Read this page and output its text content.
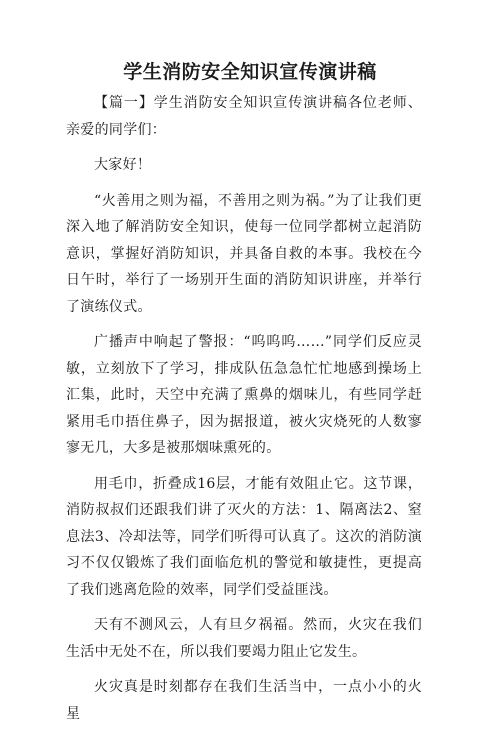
学生消防安全知识宣传演讲稿

【篇一】学生消防安全知识宣传演讲稿各位老师、亲爱的同学们：

大家好！

“火善用之则为福，不善用之则为祸。”为了让我们更深入地了解消防安全知识，使每一位同学都树立起消防意识，掌握好消防知识，并具备自救的本事。我校在今日午时，举行了一场别开生面的消防知识讲座，并举行了演练仪式。

广播声中响起了警报：“呜呜呜……”同学们反应灵敏，立刻放下了学习，排成队伍急急忙忙地感到操场上汇集，此时，天空中充满了熏鼻的烟味儿，有些同学赶紧用毛巾捂住鼻子，因为据报道，被火灾烧死的人数寥寥无几，大多是被那烟味熏死的。

用毛巾，折叠成16层，才能有效阻止它。这节课，消防叔叔们还跟我们讲了灭火的方法：1、隔离法2、窒息法3、冷却法等，同学们听得可认真了。这次的消防演习不仅仅锻炼了我们面临危机的警觉和敏捷性，更提高了我们逃离危险的效率，同学们受益匪浅。

天有不测风云，人有旦夕祸福。然而，火灾在我们生活中无处不在，所以我们要竭力阻止它发生。

火灾真是时刻都存在我们生活当中，一点小小的火星
